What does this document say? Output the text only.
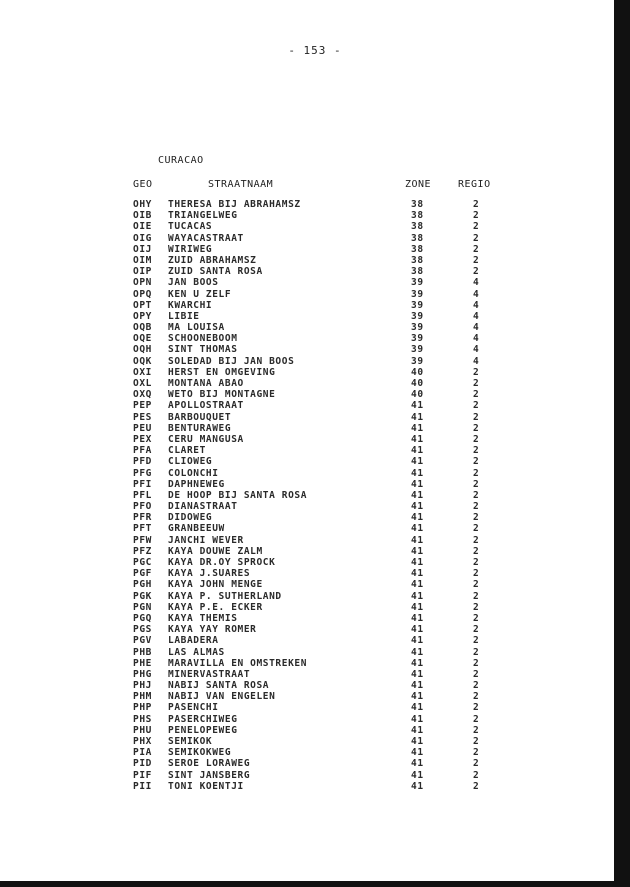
- 153 -
CURACAO
GEO	STRAATNAAM	ZONE	REGIO
OHY THERESA BIJ ABRAHAMSZ	38	2
OIB TRIANGELWEG	38	2
OIE TUCACAS	38	2
OIG WAYACASTRAAT	38	2
OIJ WIRIWEG	38	2
OIM ZUID ABRAHAMSZ	38	2
OIP ZUID SANTA ROSA	38	2
OPN JAN BOOS	39	4
OPQ KEN U ZELF	39	4
OPT KWARCHI	39	4
OPY LIBIE	39	4
OQB MA LOUISA	39	4
OQE SCHOONEBOOM	39	4
OQH SINT THOMAS	39	4
OQK SOLEDAD BIJ JAN BOOS	39	4
OXI HERST EN OMGEVING	40	2
OXL MONTANA ABAO	40	2
OXQ WETO BIJ MONTAGNE	40	2
PEP APOLLOSTRAAT	41	2
PES BARBOUQUET	41	2
PEU BENTURAWEG	41	2
PEX CERU MANGUSA	41	2
PFA CLARET	41	2
PFD CLIOWEG	41	2
PFG COLONCHI	41	2
PFI DAPHNEWEG	41	2
PFL DE HOOP BIJ SANTA ROSA	41	2
PFO DIANASTRAAT	41	2
PFR DIDOWEG	41	2
PFT GRANBEEUW	41	2
PFW JANCHI WEVER	41	2
PFZ KAYA DOUWE ZALM	41	2
PGC KAYA DR.OY SPROCK	41	2
PGF KAYA J.SUARES	41	2
PGH KAYA JOHN MENGE	41	2
PGK KAYA P. SUTHERLAND	41	2
PGN KAYA P.E. ECKER	41	2
PGQ KAYA THEMIS	41	2
PGS KAYA YAY ROMER	41	2
PGV LABADERA	41	2
PHB LAS ALMAS	41	2
PHE MARAVILLA EN OMSTREKEN	41	2
PHG MINERVASTRAAT	41	2
PHJ NABIJ SANTA ROSA	41	2
PHM NABIJ VAN ENGELEN	41	2
PHP PASENCHI	41	2
PHS PASERCHIWEG	41	2
PHU PENELOPEWEG	41	2
PHX SEMIKOK	41	2
PIA SEMIKOKWEG	41	2
PID SEROE LORAWEG	41	2
PIF SINT JANSBERG	41	2
PII TONI KOENTJI	41	2
